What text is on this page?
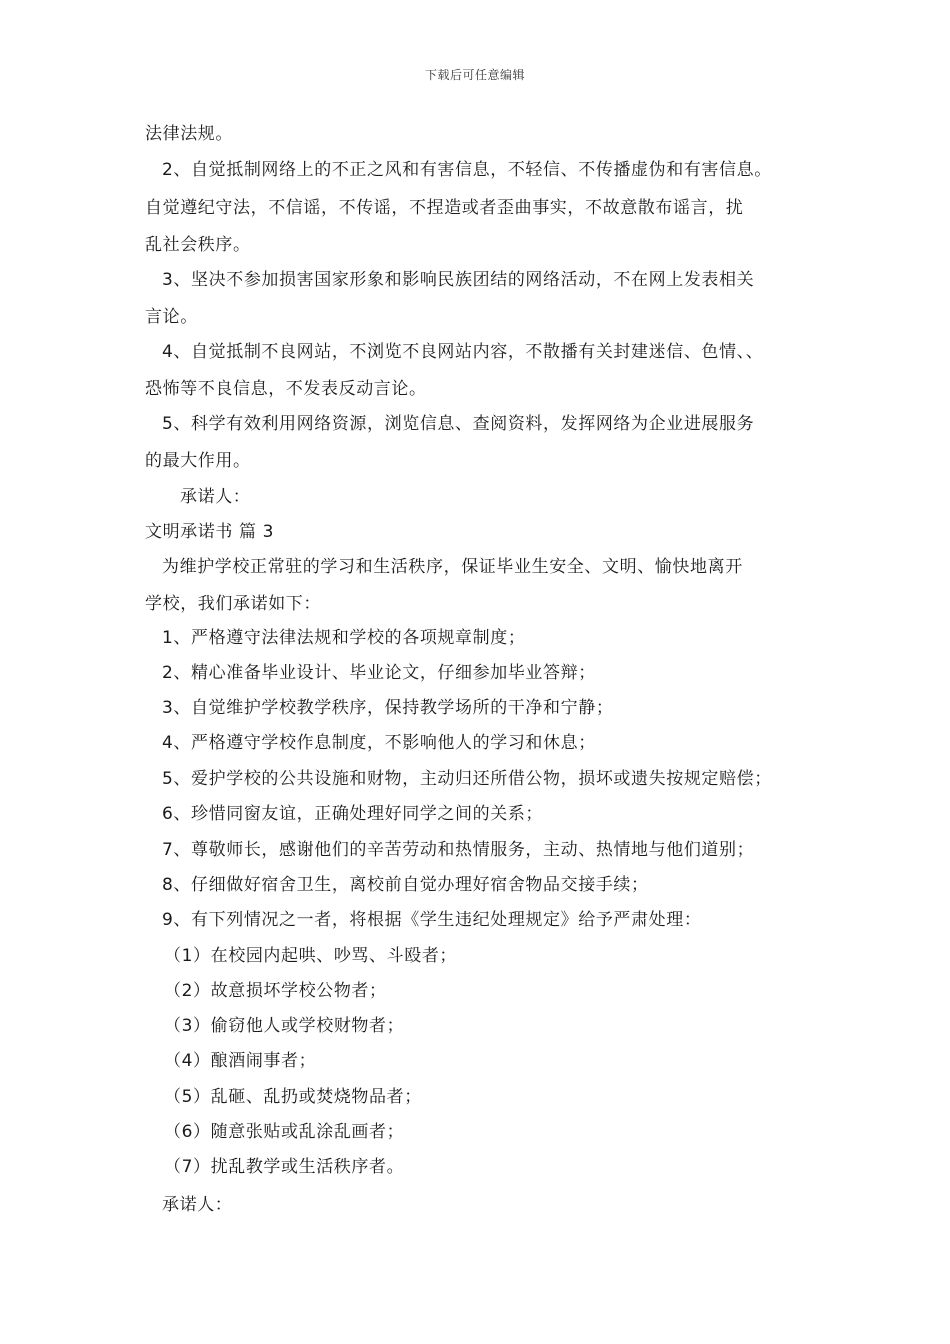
下载后可任意编辑
法律法规。
2、自觉抵制网络上的不正之风和有害信息，不轻信、不传播虚伪和有害信息。
自觉遵纪守法，不信谣，不传谣，不捏造或者歪曲事实，不故意散布谣言，扰
乱社会秩序。
3、坚决不参加损害国家形象和影响民族团结的网络活动，不在网上发表相关
言论。
4、自觉抵制不良网站，不浏览不良网站内容，不散播有关封建迷信、色情、、
恐怖等不良信息，不发表反动言论。
5、科学有效利用网络资源，浏览信息、查阅资料，发挥网络为企业进展服务
的最大作用。
承诺人：
文明承诺书 篇 3
为维护学校正常驻的学习和生活秩序，保证毕业生安全、文明、愉快地离开
学校，我们承诺如下：
1、严格遵守法律法规和学校的各项规章制度；
2、精心准备毕业设计、毕业论文，仔细参加毕业答辩；
3、自觉维护学校教学秩序，保持教学场所的干净和宁静；
4、严格遵守学校作息制度，不影响他人的学习和休息；
5、爱护学校的公共设施和财物，主动归还所借公物，损坏或遗失按规定赔偿；
6、珍惜同窗友谊，正确处理好同学之间的关系；
7、尊敬师长，感谢他们的辛苦劳动和热情服务，主动、热情地与他们道别；
8、仔细做好宿舍卫生，离校前自觉办理好宿舍物品交接手续；
9、有下列情况之一者，将根据《学生违纪处理规定》给予严肃处理：
（1）在校园内起哄、吵骂、斗殴者；
（2）故意损坏学校公物者；
（3）偷窃他人或学校财物者；
（4）酿酒闹事者；
（5）乱砸、乱扔或焚烧物品者；
（6）随意张贴或乱涂乱画者；
（7）扰乱教学或生活秩序者。
承诺人：
